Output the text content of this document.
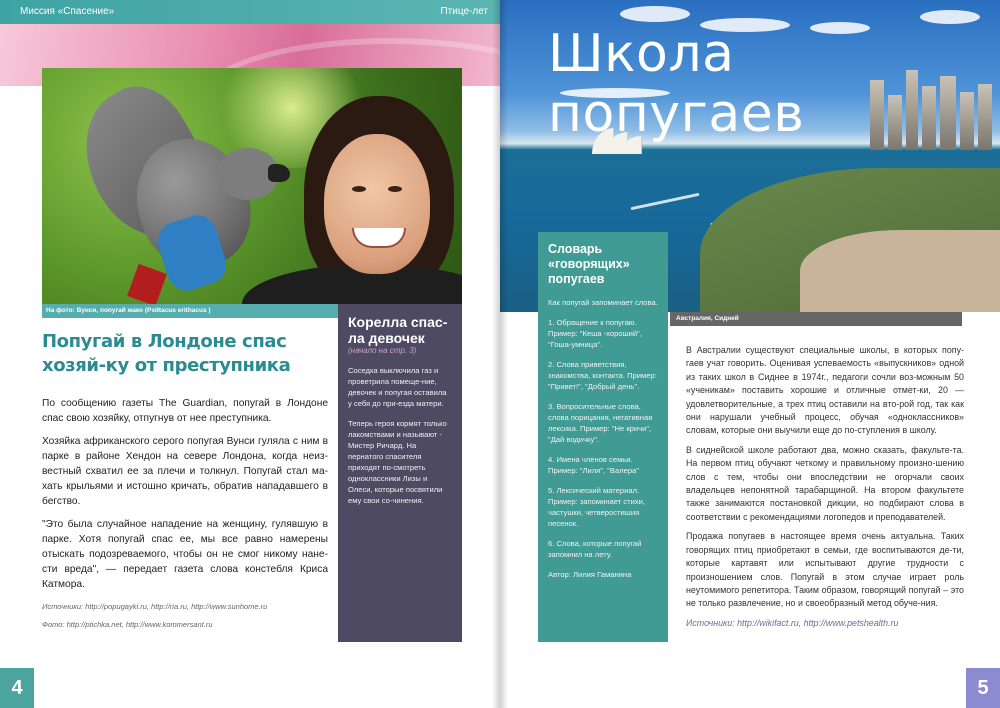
Миссия «Спасение»	Птице-лет
На фото: Вунси, попугай жако (Psittacus erithacus )
Попугай в Лондоне спас хозяй-ку от преступника

По сообщению газеты The Guardian, попугай в Лондоне спас свою хозяйку, отпугнув от нее преступника.

Хозяйка африканского серого попугая Вунси гуляла с ним в парке в районе Хендон на севере Лондона, когда неиз-вестный схватил ее за плечи и толкнул. Попугай стал ма-хать крыльями и истошно кричать, обратив нападавшего в бегство.

"Это была случайное нападение на женщину, гулявшую в парке. Хотя попугай спас ее, мы все равно намерены отыскать подозреваемого, чтобы он не смог никому нане-сти вреда", — передает газета слова констебля Криса Катмора.

Источники: http://popugayki.ru, http://ria.ru, http://www.sunhome.ru
Фото: http://ptichka.net, http://www.kommersant.ru
Корелла спас-ла девочек
(начало на стр. 3)

Соседка выключила газ и проветрила помеще-ние, девочек и попугая оставила у себя до при-езда матери.

Теперь героя кормят только лакомствами и называют - Мистер Ричард. На пернатого спасителя приходят по-смотреть одноклассники Лизы и Олеси, которые посвятили ему свои со-чинения.

4
Школа попугаев
Австралия, Сидней
Словарь «говорящих» попугаев

Как попугай запоминает слова.

1. Обращение к попугаю. Пример: "Кеша -хороший", "Гоша-умница".

2. Слова приветствия, знакомства, контакта. Пример: "Привет!", "Добрый день".

3. Вопросительные слова, слова порицания, негативная лексика. Пример: "Не кричи", "Дай водичку".

4. Имена членов семьи. Пример: "Лиля", "Валера"

5. Лексический материал. Пример: запоминает стихи, частушки, четверостишия песенок.

6. Слова, которые попугай запомнил на лету.

Автор: Лилия Гаманина

В Австралии существуют специальные школы, в которых попу-гаев учат говорить. Оценивая успеваемость «выпускников» одной из таких школ в Сиднее в 1974г., педагоги сочли воз-можным 50 «ученикам» поставить хорошие и отличные отмет-ки, 20 — удовлетворительные, а трех птиц оставили на вто-рой год, так как они нарушали учебный процесс, обучая «одноклассников» словам, которые они выучили еще до по-ступления в школу.

В сиднейской школе работают два, можно сказать, факульте-та. На первом птиц обучают четкому и правильному произно-шению слов с тем, чтобы они впоследствии не огорчали своих владельцев непонятной тарабарщиной. На втором факультете также занимаются постановкой дикции, но подбирают слова в соответствии с рекомендациями логопедов и преподавателей.

Продажа попугаев в настоящее время очень актуальна. Таких говорящих птиц приобретают в семьи, где воспитываются де-ти, которые картавят или испытывают другие трудности с произношением слов. Попугай в этом случае играет роль неутомимого репетитора. Таким образом, говорящий попугай – это не только развлечение, но и своеобразный метод обуче-ния.

Источники: http://wikifact.ru, http://www.petshealth.ru

5
